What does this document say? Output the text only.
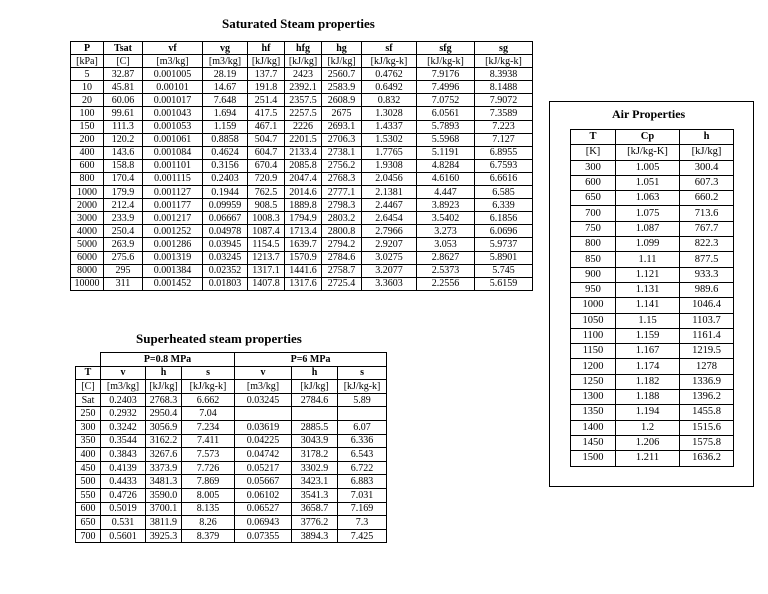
Saturated Steam properties
P	Tsat	vf	vg	hf	hfg	hg	sf	sfg	sg
[kPa]	[C]	[m3/kg]	[m3/kg]	[kJ/kg]	[kJ/kg]	[kJ/kg]	[kJ/kg-k]	[kJ/kg-k]	[kJ/kg-k]
5	32.87	0.001005	28.19	137.7	2423	2560.7	0.4762	7.9176	8.3938
10	45.81	0.00101	14.67	191.8	2392.1	2583.9	0.6492	7.4996	8.1488
20	60.06	0.001017	7.648	251.4	2357.5	2608.9	0.832	7.0752	7.9072
100	99.61	0.001043	1.694	417.5	2257.5	2675	1.3028	6.0561	7.3589
150	111.3	0.001053	1.159	467.1	2226	2693.1	1.4337	5.7893	7.223
200	120.2	0.001061	0.8858	504.7	2201.5	2706.3	1.5302	5.5968	7.127
400	143.6	0.001084	0.4624	604.7	2133.4	2738.1	1.7765	5.1191	6.8955
600	158.8	0.001101	0.3156	670.4	2085.8	2756.2	1.9308	4.8284	6.7593
800	170.4	0.001115	0.2403	720.9	2047.4	2768.3	2.0456	4.6160	6.6616
1000	179.9	0.001127	0.1944	762.5	2014.6	2777.1	2.1381	4.447	6.585
2000	212.4	0.001177	0.09959	908.5	1889.8	2798.3	2.4467	3.8923	6.339
3000	233.9	0.001217	0.06667	1008.3	1794.9	2803.2	2.6454	3.5402	6.1856
4000	250.4	0.001252	0.04978	1087.4	1713.4	2800.8	2.7966	3.273	6.0696
5000	263.9	0.001286	0.03945	1154.5	1639.7	2794.2	2.9207	3.053	5.9737
6000	275.6	0.001319	0.03245	1213.7	1570.9	2784.6	3.0275	2.8627	5.8901
8000	295	0.001384	0.02352	1317.1	1441.6	2758.7	3.2077	2.5373	5.745
10000	311	0.001452	0.01803	1407.8	1317.6	2725.4	3.3603	2.2556	5.6159
Superheated steam properties
	P=0.8 MPa			P=6 MPa		
T	v	h	s	v	h	s
[C]	[m3/kg]	[kJ/kg]	[kJ/kg-k]	[m3/kg]	[kJ/kg]	[kJ/kg-k]
Sat	0.2403	2768.3	6.662	0.03245	2784.6	5.89
250	0.2932	2950.4	7.04			
300	0.3242	3056.9	7.234	0.03619	2885.5	6.07
350	0.3544	3162.2	7.411	0.04225	3043.9	6.336
400	0.3843	3267.6	7.573	0.04742	3178.2	6.543
450	0.4139	3373.9	7.726	0.05217	3302.9	6.722
500	0.4433	3481.3	7.869	0.05667	3423.1	6.883
550	0.4726	3590.0	8.005	0.06102	3541.3	7.031
600	0.5019	3700.1	8.135	0.06527	3658.7	7.169
650	0.531	3811.9	8.26	0.06943	3776.2	7.3
700	0.5601	3925.3	8.379	0.07355	3894.3	7.425
Air Properties
T	Cp	h
[K]	[kJ/kg-K]	[kJ/kg]
300	1.005	300.4
600	1.051	607.3
650	1.063	660.2
700	1.075	713.6
750	1.087	767.7
800	1.099	822.3
850	1.11	877.5
900	1.121	933.3
950	1.131	989.6
1000	1.141	1046.4
1050	1.15	1103.7
1100	1.159	1161.4
1150	1.167	1219.5
1200	1.174	1278
1250	1.182	1336.9
1300	1.188	1396.2
1350	1.194	1455.8
1400	1.2	1515.6
1450	1.206	1575.8
1500	1.211	1636.2
